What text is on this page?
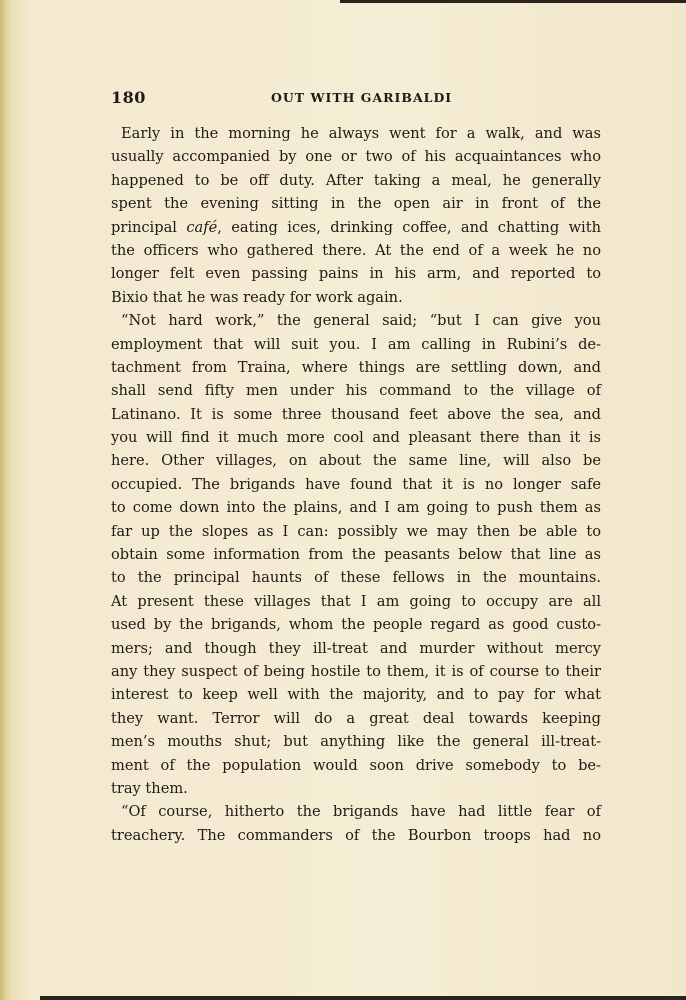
180	OUT WITH GARIBALDI
Early in the morning he always went for a walk, and was
usually accompanied by one or two of his acquaintances who
happened to be off duty. After taking a meal, he generally
spent the evening sitting in the open air in front of the
principal café, eating ices, drinking coffee, and chatting with
the officers who gathered there. At the end of a week he no
longer felt even passing pains in his arm, and reported to
Bixio that he was ready for work again.
“Not hard work,” the general said; “but I can give you
employment that will suit you. I am calling in Rubini’s de-
tachment from Traina, where things are settling down, and
shall send fifty men under his command to the village of
Latinano. It is some three thousand feet above the sea, and
you will find it much more cool and pleasant there than it is
here. Other villages, on about the same line, will also be
occupied. The brigands have found that it is no longer safe
to come down into the plains, and I am going to push them as
far up the slopes as I can: possibly we may then be able to
obtain some information from the peasants below that line as
to the principal haunts of these fellows in the mountains.
At present these villages that I am going to occupy are all
used by the brigands, whom the people regard as good custo-
mers; and though they ill-treat and murder without mercy
any they suspect of being hostile to them, it is of course to their
interest to keep well with the majority, and to pay for what
they want. Terror will do a great deal towards keeping
men’s mouths shut; but anything like the general ill-treat-
ment of the population would soon drive somebody to be-
tray them.
“Of course, hitherto the brigands have had little fear of
treachery. The commanders of the Bourbon troops had no
